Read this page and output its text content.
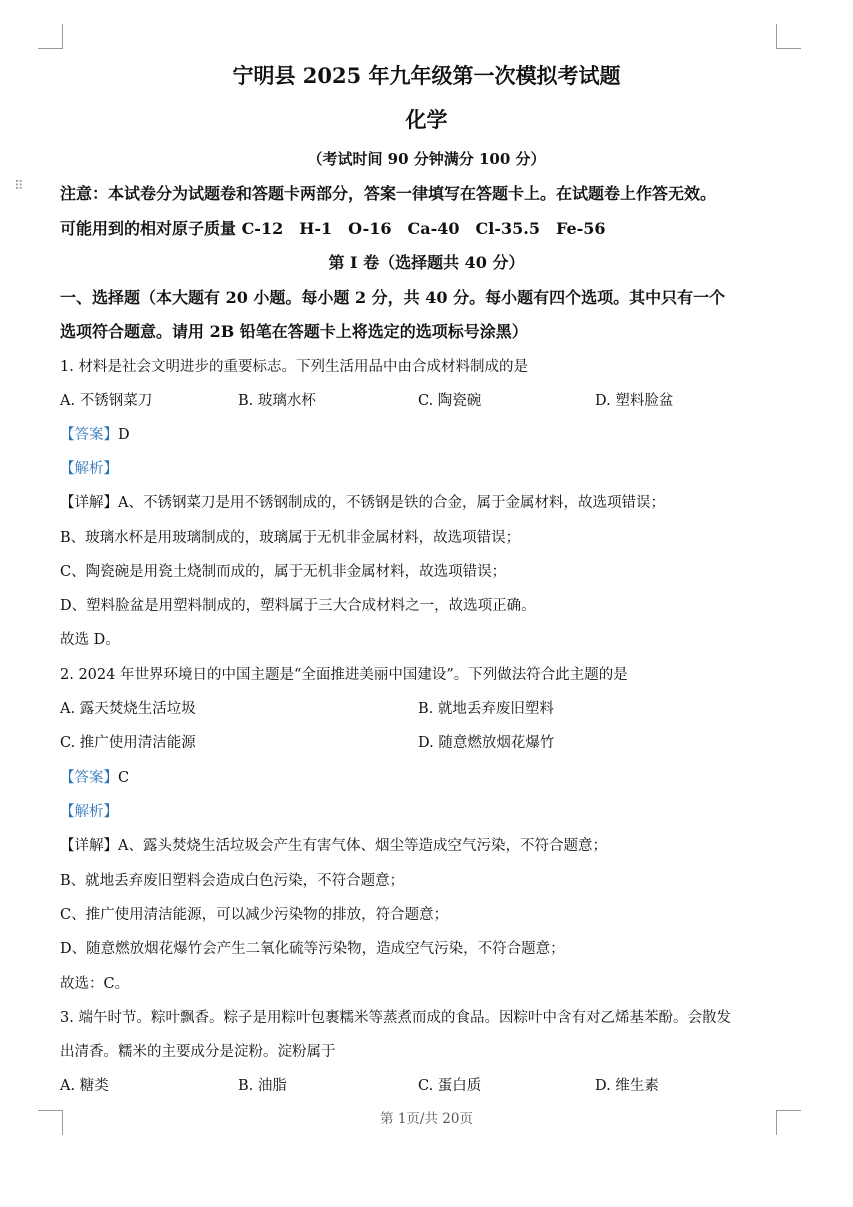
⠿
宁明县 2025 年九年级第一次模拟考试题
化学
（考试时间 90 分钟满分 100 分）
注意：本试卷分为试题卷和答题卡两部分，答案一律填写在答题卡上。在试题卷上作答无效。
可能用到的相对原子质量 C-12　H-1　O-16　Ca-40　Cl-35.5　Fe-56
第 I 卷（选择题共 40 分）
一、选择题（本大题有 20 小题。每小题 2 分，共 40 分。每小题有四个选项。其中只有一个
选项符合题意。请用 2B 铅笔在答题卡上将选定的选项标号涂黑）
1. 材料是社会文明进步的重要标志。下列生活用品中由合成材料制成的是
A. 不锈钢菜刀	B. 玻璃水杯	C. 陶瓷碗	D. 塑料脸盆
【答案】D
【解析】
【详解】A、不锈钢菜刀是用不锈钢制成的，不锈钢是铁的合金，属于金属材料，故选项错误；
B、玻璃水杯是用玻璃制成的，玻璃属于无机非金属材料，故选项错误；
C、陶瓷碗是用瓷土烧制而成的，属于无机非金属材料，故选项错误；
D、塑料脸盆是用塑料制成的，塑料属于三大合成材料之一，故选项正确。
故选 D。
2. 2024 年世界环境日的中国主题是“全面推进美丽中国建设”。下列做法符合此主题的是
A. 露天焚烧生活垃圾	B. 就地丢弃废旧塑料
C. 推广使用清洁能源	D. 随意燃放烟花爆竹
【答案】C
【解析】
【详解】A、露头焚烧生活垃圾会产生有害气体、烟尘等造成空气污染，不符合题意；
B、就地丢弃废旧塑料会造成白色污染，不符合题意；
C、推广使用清洁能源，可以减少污染物的排放，符合题意；
D、随意燃放烟花爆竹会产生二氧化硫等污染物，造成空气污染，不符合题意；
故选：C。
3. 端午时节。粽叶飘香。粽子是用粽叶包裹糯米等蒸煮而成的食品。因粽叶中含有对乙烯基苯酚。会散发
出清香。糯米的主要成分是淀粉。淀粉属于
A. 糖类	B. 油脂	C. 蛋白质	D. 维生素
第 1页/共 20页
